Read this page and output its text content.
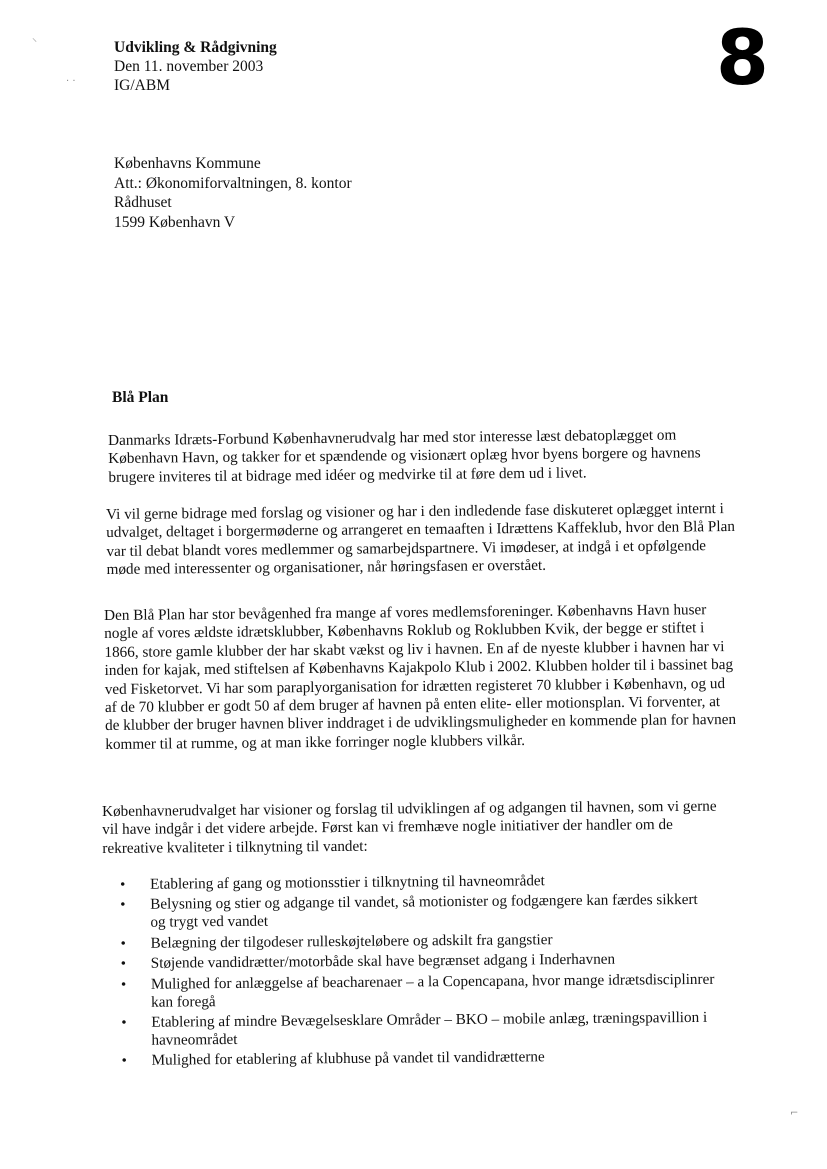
⸜
· ·
Udvikling & Rådgivning
Den 11. november 2003
IG/ABM	8
Københavns Kommune
Att.: Økonomiforvaltningen, 8. kontor
Rådhuset
1599 København V
Blå Plan

Danmarks Idræts-Forbund Københavnerudvalg har med stor interesse læst debatoplægget om København Havn, og takker for et spændende og visionært oplæg hvor byens borgere og havnens brugere inviteres til at bidrage med idéer og medvirke til at føre dem ud i livet.

Vi vil gerne bidrage med forslag og visioner og har i den indledende fase diskuteret oplægget internt i udvalget, deltaget i borgermøderne og arrangeret en temaaften i Idrættens Kaffeklub, hvor den Blå Plan var til debat blandt vores medlemmer og samarbejdspartnere. Vi imødeser, at indgå i et opfølgende møde med interessenter og organisationer, når høringsfasen er overstået.

Den Blå Plan har stor bevågenhed fra mange af vores medlemsforeninger. Københavns Havn huser nogle af vores ældste idrætsklubber, Københavns Roklub og Roklubben Kvik, der begge er stiftet i 1866, store gamle klubber der har skabt vækst og liv i havnen. En af de nyeste klubber i havnen har vi inden for kajak, med stiftelsen af Københavns Kajakpolo Klub i 2002. Klubben holder til i bassinet bag ved Fisketorvet. Vi har som paraplyorganisation for idrætten registeret 70 klubber i København, og ud af de 70 klubber er godt 50 af dem bruger af havnen på enten elite- eller motionsplan. Vi forventer, at de klubber der bruger havnen bliver inddraget i de udviklingsmuligheder en kommende plan for havnen kommer til at rumme, og at man ikke forringer nogle klubbers vilkår.

Københavnerudvalget har visioner og forslag til udviklingen af og adgangen til havnen, som vi gerne vil have indgår i det videre arbejde. Først kan vi fremhæve nogle initiativer der handler om de rekreative kvaliteter i tilknytning til vandet:

• Etablering af gang og motionsstier i tilknytning til havneområdet
• Belysning og stier og adgange til vandet, så motionister og fodgængere kan færdes sikkert og trygt ved vandet
• Belægning der tilgodeser rulleskøjteløbere og adskilt fra gangstier
• Støjende vandidrætter/motorbåde skal have begrænset adgang i Inderhavnen
• Mulighed for anlæggelse af beacharenaer – a la Copencapana, hvor mange idrætsdisciplinrer kan foregå
• Etablering af mindre Bevægelsesklare Områder – BKO – mobile anlæg, træningspavillion i havneområdet
• Mulighed for etablering af klubhuse på vandet til vandidrætterne
⌐
